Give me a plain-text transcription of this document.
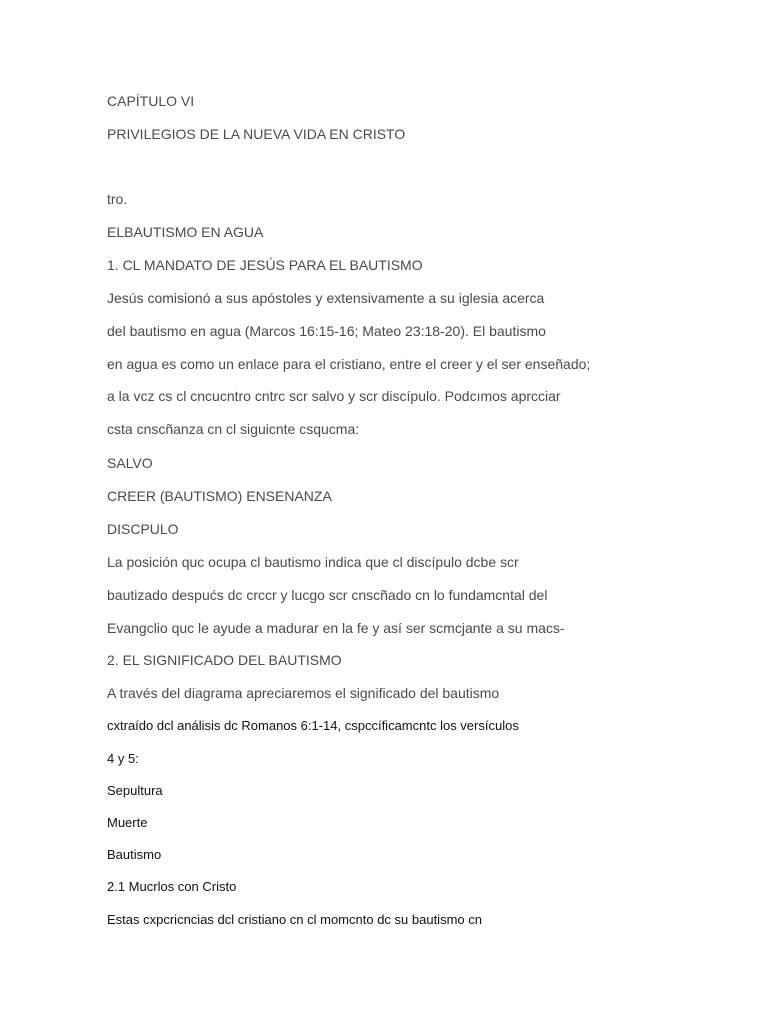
CAPÍTULO VI
PRIVILEGIOS DE LA NUEVA VIDA EN CRISTO
tro.
ELBAUTISMO EN AGUA
1. CL MANDATO DE JESÚS PARA EL BAUTISMO
Jesús comisionó a sus apóstoles y extensivamente a su iglesia acerca
del bautismo en agua (Marcos 16:15-16; Mateo 23:18-20). El bautismo
en agua es como un enlace para el cristiano, entre el creer y el ser enseñado;
a la vcz cs cl cncucntro cntrc scr salvo y scr discípulo. Podcımos aprcciar
csta cnscñanza cn cl siguicnte csqucma:
SALVO
CREER (BAUTISMO) ENSENANZA
DISCPULO
La posición quc ocupa cl bautismo indica que cl discípulo dcbe scr
bautizado despućs dc crccr y lucgo scr cnscñado cn lo fundamcntal del
Evangclio quc le ayude a madurar en la fe y así ser scmcjante a su macs-
2. EL SIGNIFICADO DEL BAUTISMO
A través del diagrama apreciaremos el significado del bautismo
cxtraído dcl análisis dc Romanos 6:1-14, cspccíficamcntc los versículos
4 y 5:
Sepultura
Muerte
Bautismo
2.1 Mucrlos con Cristo
Estas cxpcricncias dcl cristiano cn cl momcnto dc su bautismo cn
